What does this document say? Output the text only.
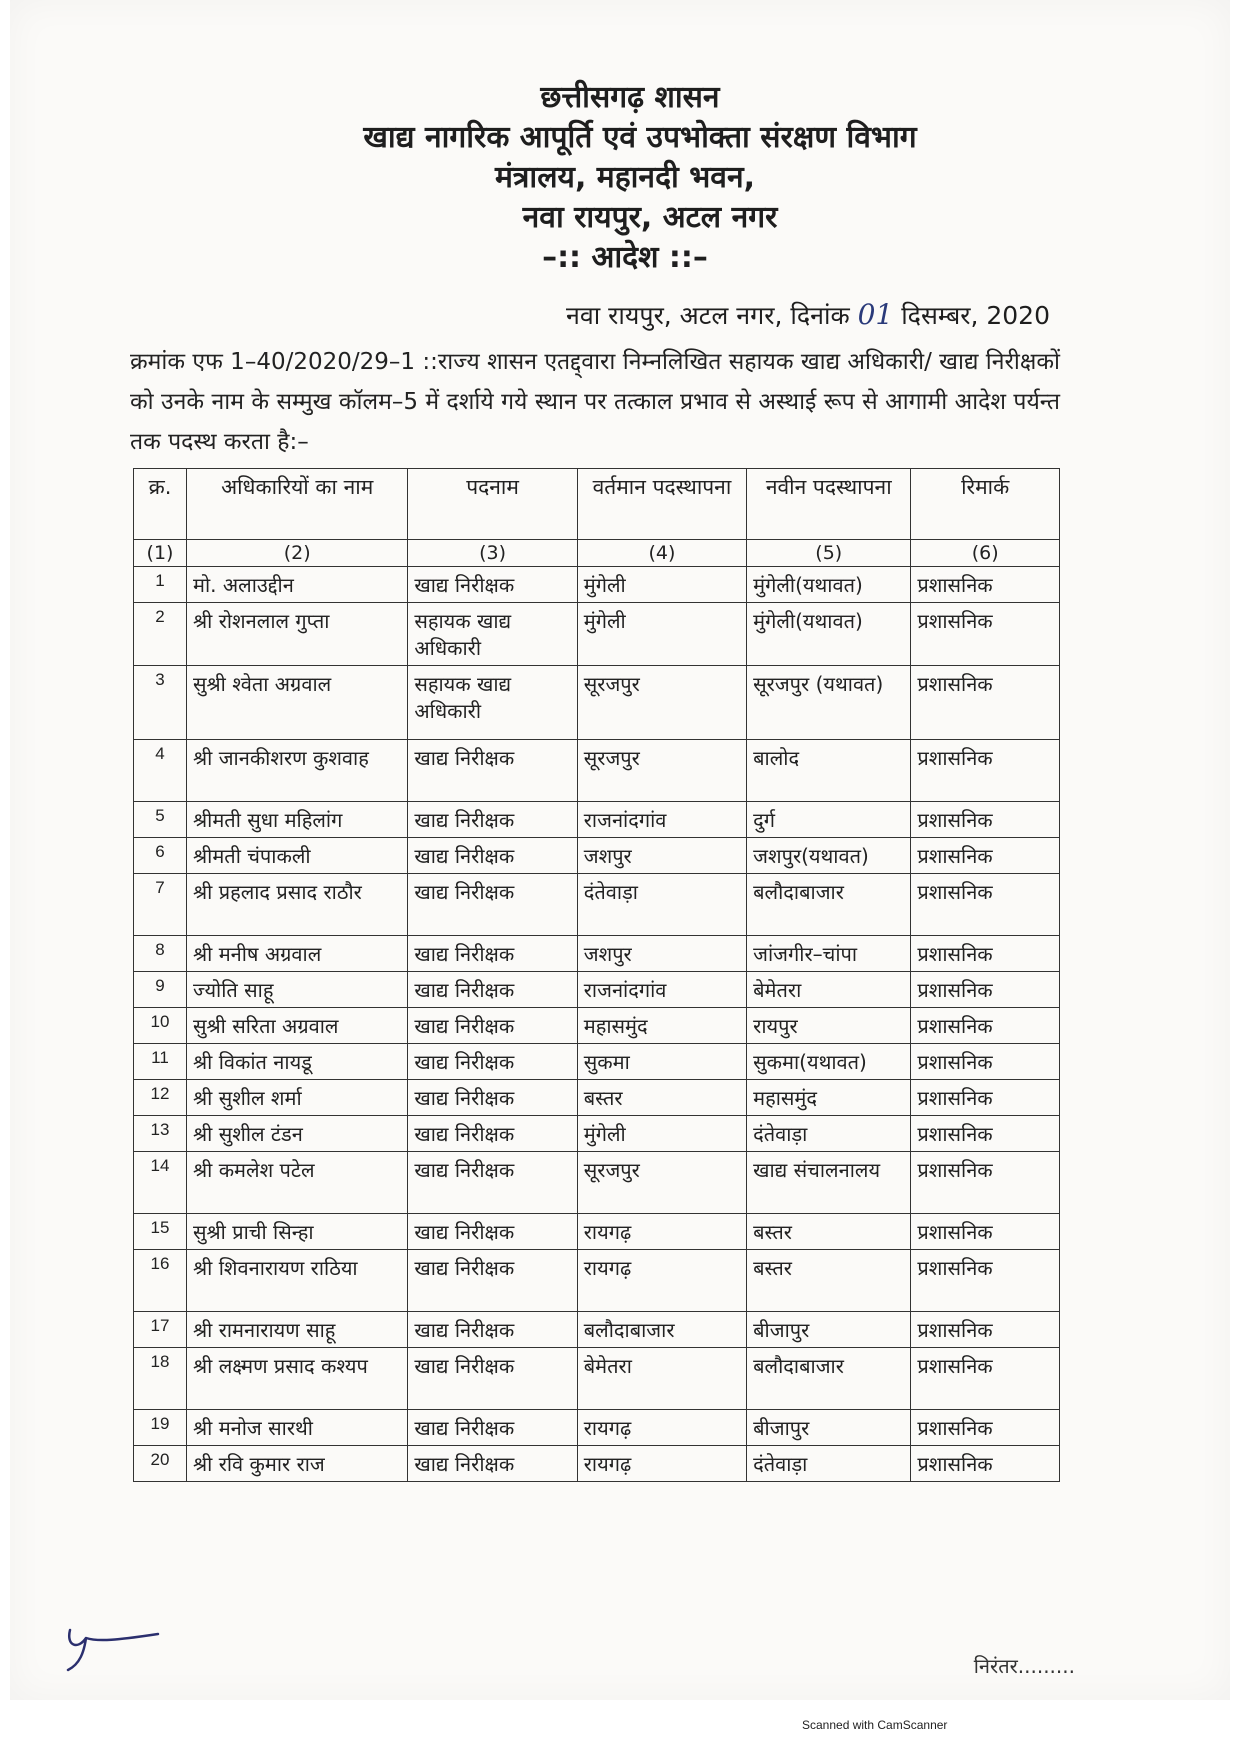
छत्तीसगढ़ शासन
खाद्य नागरिक आपूर्ति एवं उपभोक्ता संरक्षण विभाग
मंत्रालय, महानदी भवन,
नवा रायपुर, अटल नगर
–:: आदेश ::–
नवा रायपुर, अटल नगर, दिनांक 01 दिसम्बर, 2020
क्रमांक एफ 1–40/2020/29–1 ::राज्य शासन एतद्द्वारा निम्नलिखित सहायक खाद्य अधिकारी/ खाद्य निरीक्षकों को उनके नाम के सम्मुख कॉलम–5 में दर्शाये गये स्थान पर तत्काल प्रभाव से अस्थाई रूप से आगामी आदेश पर्यन्त तक पदस्थ करता है:–
क्र.	अधिकारियों का नाम	पदनाम	वर्तमान पदस्थापना	नवीन पदस्थापना	रिमार्क
(1)	(2)	(3)	(4)	(5)	(6)
1	मो. अलाउद्दीन	खाद्य निरीक्षक	मुंगेली	मुंगेली(यथावत)	प्रशासनिक
2	श्री रोशनलाल गुप्ता	सहायक खाद्य अधिकारी	मुंगेली	मुंगेली(यथावत)	प्रशासनिक
3	सुश्री श्वेता अग्रवाल	सहायक खाद्य अधिकारी	सूरजपुर	सूरजपुर (यथावत)	प्रशासनिक
4	श्री जानकीशरण कुशवाह	खाद्य निरीक्षक	सूरजपुर	बालोद	प्रशासनिक
5	श्रीमती सुधा महिलांग	खाद्य निरीक्षक	राजनांदगांव	दुर्ग	प्रशासनिक
6	श्रीमती चंपाकली	खाद्य निरीक्षक	जशपुर	जशपुर(यथावत)	प्रशासनिक
7	श्री प्रहलाद प्रसाद राठौर	खाद्य निरीक्षक	दंतेवाड़ा	बलौदाबाजार	प्रशासनिक
8	श्री मनीष अग्रवाल	खाद्य निरीक्षक	जशपुर	जांजगीर–चांपा	प्रशासनिक
9	ज्योति साहू	खाद्य निरीक्षक	राजनांदगांव	बेमेतरा	प्रशासनिक
10	सुश्री सरिता अग्रवाल	खाद्य निरीक्षक	महासमुंद	रायपुर	प्रशासनिक
11	श्री विकांत नायडू	खाद्य निरीक्षक	सुकमा	सुकमा(यथावत)	प्रशासनिक
12	श्री सुशील शर्मा	खाद्य निरीक्षक	बस्तर	महासमुंद	प्रशासनिक
13	श्री सुशील टंडन	खाद्य निरीक्षक	मुंगेली	दंतेवाड़ा	प्रशासनिक
14	श्री कमलेश पटेल	खाद्य निरीक्षक	सूरजपुर	खाद्य संचालनालय	प्रशासनिक
15	सुश्री प्राची सिन्हा	खाद्य निरीक्षक	रायगढ़	बस्तर	प्रशासनिक
16	श्री शिवनारायण राठिया	खाद्य निरीक्षक	रायगढ़	बस्तर	प्रशासनिक
17	श्री रामनारायण साहू	खाद्य निरीक्षक	बलौदाबाजार	बीजापुर	प्रशासनिक
18	श्री लक्ष्मण प्रसाद कश्यप	खाद्य निरीक्षक	बेमेतरा	बलौदाबाजार	प्रशासनिक
19	श्री मनोज सारथी	खाद्य निरीक्षक	रायगढ़	बीजापुर	प्रशासनिक
20	श्री रवि कुमार राज	खाद्य निरीक्षक	रायगढ़	दंतेवाड़ा	प्रशासनिक
निरंतर.........
Scanned with CamScanner
